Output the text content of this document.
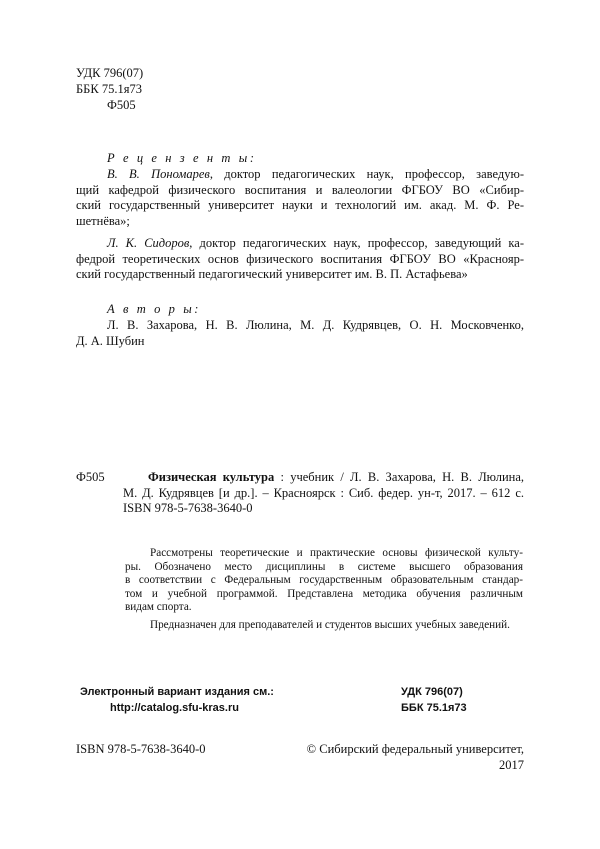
УДК 796(07)
ББК 75.1я73
Ф505
Р е ц е н з е н т ы:
В. В. Пономарев, доктор педагогических наук, профессор, заведую-
щий кафедрой физического воспитания и валеологии ФГБОУ ВО «Сибир-
ский государственный университет науки и технологий им. акад. М. Ф. Ре-
шетнёва»;
Л. К. Сидоров, доктор педагогических наук, профессор, заведующий ка-
федрой теоретических основ физического воспитания ФГБОУ ВО «Краснояр-
ский государственный педагогический университет им. В. П. Астафьева»
А в т о р ы:
Л. В. Захарова, Н. В. Люлина, М. Д. Кудрявцев, О. Н. Московченко,
Д. А. Шубин
Ф505	Физическая культура : учебник / Л. В. Захарова, Н. В. Люлина,
М. Д. Кудрявцев [и др.]. – Красноярск : Сиб. федер. ун-т, 2017. – 612 с.
ISBN 978-5-7638-3640-0
Рассмотрены теоретические и практические основы физической культу-
ры. Обозначено место дисциплины в системе высшего образования
в соответствии с Федеральным государственным образовательным стандар-
том и учебной программой. Представлена методика обучения различным
видам спорта.
Предназначен для преподавателей и студентов высших учебных заведений.
Электронный вариант издания см.:
http://catalog.sfu-kras.ru
УДК 796(07)
ББК 75.1я73
ISBN 978-5-7638-3640-0	© Сибирский федеральный университет, 2017
